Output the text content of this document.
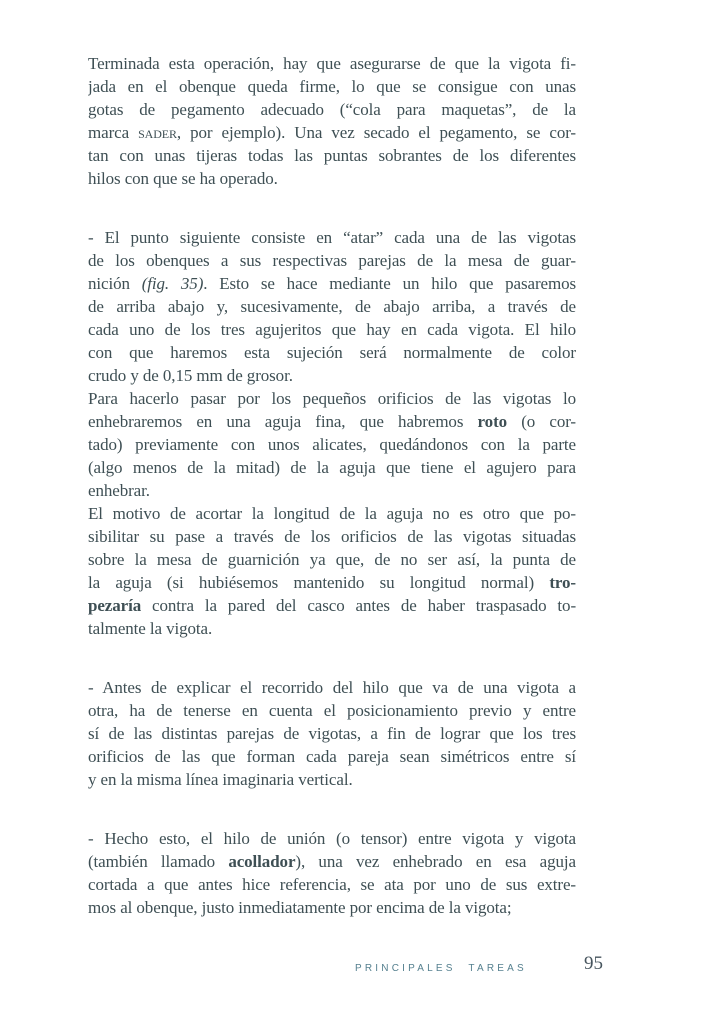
Terminada esta operación, hay que asegurarse de que la vigota fi-
jada en el obenque queda firme, lo que se consigue con unas
gotas de pegamento adecuado (“cola para maquetas”, de la
marca sader, por ejemplo). Una vez secado el pegamento, se cor-
tan con unas tijeras todas las puntas sobrantes de los diferentes
hilos con que se ha operado.
- El punto siguiente consiste en “atar” cada una de las vigotas
de los obenques a sus respectivas parejas de la mesa de guar-
nición (fig. 35). Esto se hace mediante un hilo que pasaremos
de arriba abajo y, sucesivamente, de abajo arriba, a través de
cada uno de los tres agujeritos que hay en cada vigota. El hilo
con que haremos esta sujeción será normalmente de color
crudo y de 0,15 mm de grosor.
Para hacerlo pasar por los pequeños orificios de las vigotas lo
enhebraremos en una aguja fina, que habremos roto (o cor-
tado) previamente con unos alicates, quedándonos con la parte
(algo menos de la mitad) de la aguja que tiene el agujero para
enhebrar.
El motivo de acortar la longitud de la aguja no es otro que po-
sibilitar su pase a través de los orificios de las vigotas situadas
sobre la mesa de guarnición ya que, de no ser así, la punta de
la aguja (si hubiésemos mantenido su longitud normal) tro-
pezaría contra la pared del casco antes de haber traspasado to-
talmente la vigota.
- Antes de explicar el recorrido del hilo que va de una vigota a
otra, ha de tenerse en cuenta el posicionamiento previo y entre
sí de las distintas parejas de vigotas, a fin de lograr que los tres
orificios de las que forman cada pareja sean simétricos entre sí
y en la misma línea imaginaria vertical.
- Hecho esto, el hilo de unión (o tensor) entre vigota y vigota
(también llamado acollador), una vez enhebrado en esa aguja
cortada a que antes hice referencia, se ata por uno de sus extre-
mos al obenque, justo inmediatamente por encima de la vigota;
PRINCIPALES TAREAS	95
